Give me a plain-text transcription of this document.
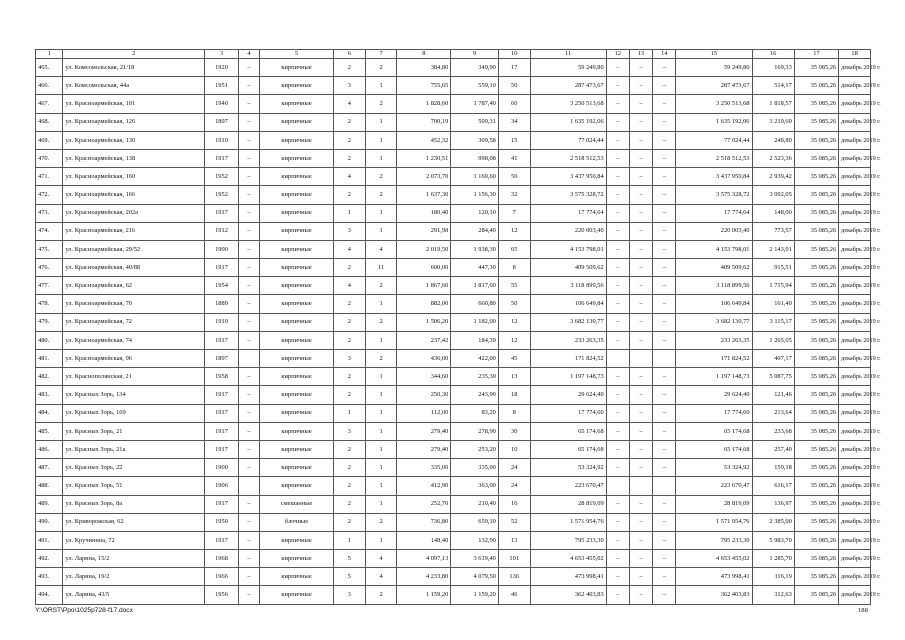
1	2	3	4	5	6	7	8	9	10	11	12	13	14	15	16	17	18
465.	ул. Комсомольская, 21/18	1920	–	кирпичные	2	2	384,80	349,90	17	59 249,80	–	–	–	59 249,80	169,33	35 085,26	декабрь 2019 г.
466.	ул. Комсомольская, 44а	1951	–	кирпичные	3	1	755,65	559,10	50	287 473,67	–	–	–	287 473,67	514,17	35 085,26	декабрь 2019 г.
467.	ул. Красноармейская, 101	1940	–	кирпичные	4	2	1 828,60	1 787,40	60	3 250 513,68	–	–	–	3 250 513,68	1 818,57	35 085,26	декабрь 2019 г.
468.	ул. Красноармейская, 126	1897	–	кирпичные	2	1	700,19	509,31	34	1 635 192,06	–	–	–	1 635 192,06	3 210,60	35 085,26	декабрь 2019 г.
469.	ул. Красноармейская, 130	1910	–	кирпичные	2	1	452,32	309,58	15	77 024,44	–	–	–	77 024,44	248,80	35 085,26	декабрь 2019 г.
470.	ул. Красноармейская, 138	1917	–	кирпичные	2	1	1 230,51	998,08	41	2 518 512,53	–	–	–	2 518 512,53	2 523,36	35 085,26	декабрь 2019 г.
471.	ул. Красноармейская, 160	1952	–	кирпичные	4	2	2 073,70	1 169,60	50	3 437 950,84	–	–	–	3 437 950,84	2 939,42	35 085,26	декабрь 2019 г.
472.	ул. Красноармейская, 166	1952	–	кирпичные	2	2	1 637,30	1 156,30	32	3 575 328,72	–	–	–	3 575 328,72	3 092,05	35 085,26	декабрь 2019 г.
473.	ул. Красноармейская, 202а	1917	–	кирпичные	1	1	180,40	120,10	7	17 774,64	–	–	–	17 774,64	148,00	35 085,26	декабрь 2019 г.
474.	ул. Красноармейская, 216	1912	–	кирпичные	3	1	291,98	284,40	12	220 003,40	–	–	–	220 003,40	773,57	35 085,26	декабрь 2019 г.
475.	ул. Красноармейская, 29/52	1900	–	кирпичные	4	4	2 019,50	1 938,30	65	4 153 798,01	–	–	–	4 153 798,01	2 143,01	35 085,26	декабрь 2019 г.
476.	ул. Красноармейская, 40/88	1917	–	кирпичные	2	11	600,00	447,30	8	409 509,62	–	–	–	409 509,62	915,51	35 085,26	декабрь 2019 г.
477.	ул. Красноармейская, 62	1954	–	кирпичные	4	2	1 867,60	1 817,60	55	3 118 899,56	–	–	–	3 118 899,56	1 715,94	35 085,26	декабрь 2019 г.
478.	ул. Красноармейская, 70	1889	–	кирпичные	2	1	882,00	660,80	50	106 649,84	–	–	–	106 649,84	161,40	35 085,26	декабрь 2019 г.
479.	ул. Красноармейская, 72	1910	–	кирпичные	2	2	1 506,20	1 182,00	12	3 682 130,77	–	–	–	3 682 130,77	3 115,17	35 085,26	декабрь 2019 г.
480.	ул. Красноармейская, 74	1917	–	кирпичные	2	1	237,42	184,39	12	233 263,35	–	–	–	233 263,35	1 265,05	35 085,26	декабрь 2019 г.
481.	ул. Красноармейская, 96	1897		кирпичные	3	2	436,00	422,00	45	171 824,52				171 824,52	407,17	35 085,26	декабрь 2019 г.
482.	ул. Краснополянская, 21	1958	–	кирпичные	2	1	344,60	235,30	13	1 197 148,73	–	–	–	1 197 148,73	5 087,75	35 085,26	декабрь 2019 г.
483.	ул. Красных Зорь, 134	1917	–	кирпичные	2	1	250,30	243,90	18	29 624,40	–	–	–	29 624,40	121,46	35 085,26	декабрь 2019 г.
484.	ул. Красных Зорь, 169	1917	–	кирпичные	1	1	112,00	83,20	8	17 774,60	–	–	–	17 774,60	213,64	35 085,26	декабрь 2019 г.
485.	ул. Красных Зорь, 21	1917	–	кирпичные	3	1	279,40	278,90	30	65 174,68	–	–	–	65 174,68	233,68	35 085,26	декабрь 2019 г.
486.	ул. Красных Зорь, 21а	1917	–	кирпичные	2	1	279,40	253,20	10	65 174,68	–	–	–	65 174,68	257,40	35 085,26	декабрь 2019 г.
487.	ул. Красных Зорь, 22	1900	–	кирпичные	2	1	335,00	335,00	24	53 324,92	–	–	–	53 324,92	159,18	35 085,26	декабрь 2019 г.
488.	ул. Красных Зорь, 51	1906		кирпичные	2	1	412,90	363,00	24	223 670,47				223 670,47	616,17	35 085,26	декабрь 2019 г.
489.	ул. Красных Зорь, 8а	1917	–	смешанные	2	1	252,70	210,40	16	28 819,09	–	–	–	28 819,09	136,97	35 085,26	декабрь 2019 г.
490.	ул. Криворожская, 62	1950	–	блочные	2	2	736,80	659,10	52	1 571 954,76	–	–	–	1 571 954,76	2 385,00	35 085,26	декабрь 2019 г.
491.	ул. Кручинина, 72	1917	–	кирпичные	1	1	148,40	132,90	13	795 233,30	–	–	–	795 233,30	5 983,70	35 085,26	декабрь 2019 г.
492.	ул. Ларина, 15/2	1968	–	кирпичные	5	4	4 097,13	3 619,40	101	4 653 455,02	–	–	–	4 653 455,02	1 285,70	35 085,26	декабрь 2019 г.
493.	ул. Ларина, 19/2	1966	–	кирпичные	5	4	4 233,80	4 079,50	136	473 998,41	–	–	–	473 998,41	116,19	35 085,26	декабрь 2019 г.
494.	ул. Ларина, 43/5	1956	–	кирпичные	3	2	1 159,20	1 159,20	46	362 403,83	–	–	–	362 403,83	312,63	35 085,26	декабрь 2019 г.
Y:\ORST\Ppo\1025p728-f17.docx	188
